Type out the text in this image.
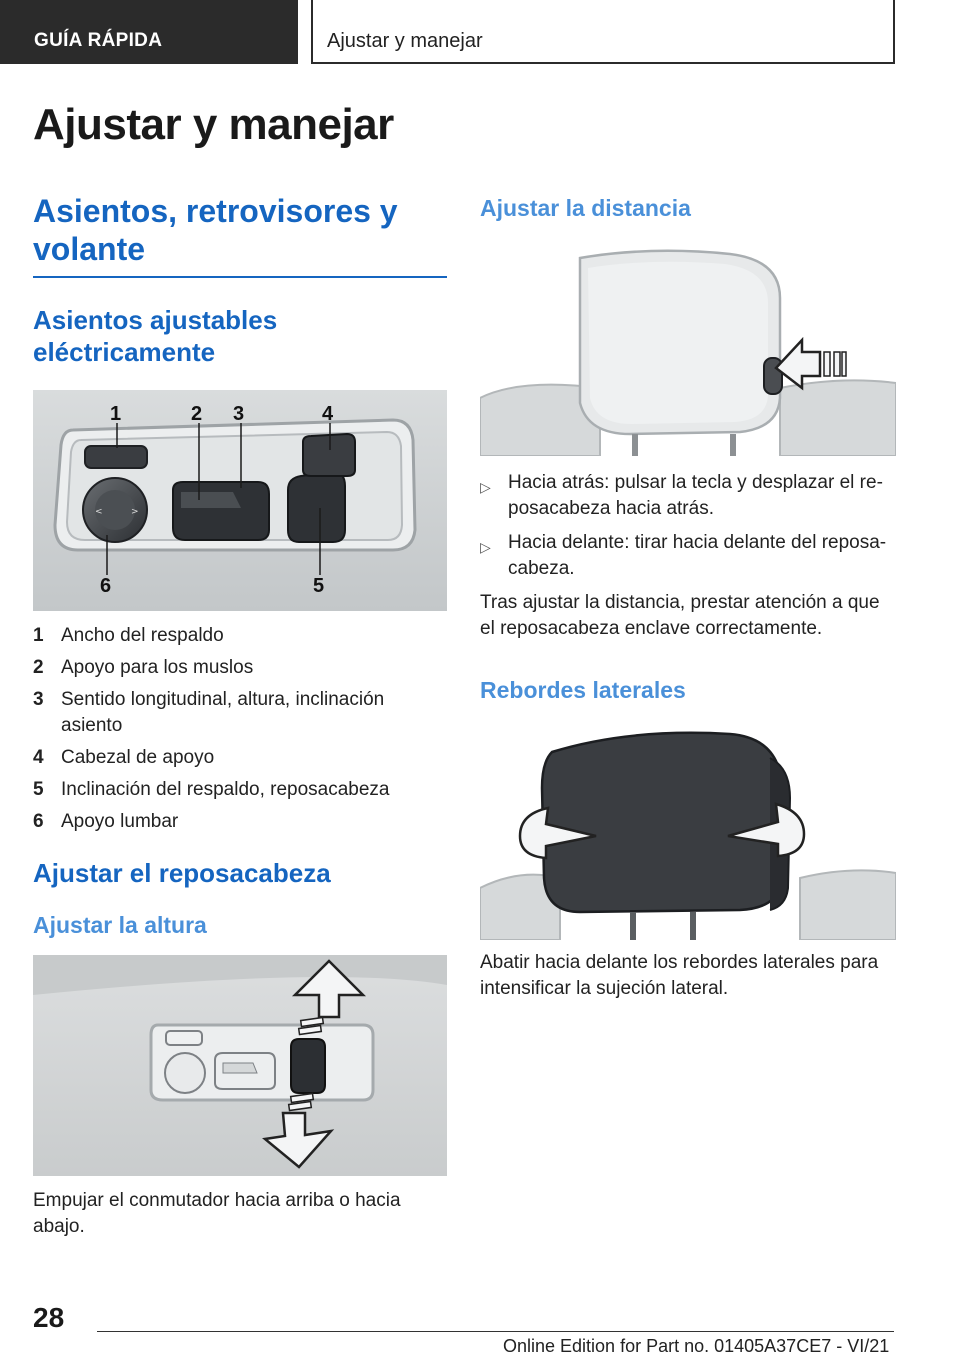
GUÍA RÁPIDA	Ajustar y manejar
Ajustar y manejar
Asientos, retrovisores y volante
Asientos ajustables eléctricamente
<	>
1	2 3	4
5
6
1 Ancho del respaldo
2 Apoyo para los muslos
3 Sentido longitudinal, altura, inclinación asiento
4 Cabezal de apoyo
5 Inclinación del respaldo, reposacabeza
6 Apoyo lumbar
Ajustar el reposacabeza
Ajustar la altura

Empujar el conmutador hacia arriba o hacia abajo.

Ajustar la distancia
▷ Hacia atrás: pulsar la tecla y desplazar el reposacabeza hacia atrás.
▷ Hacia delante: tirar hacia delante del reposacabeza.

Tras ajustar la distancia, prestar atención a que el reposacabeza enclave correctamente.

Rebordes laterales

Abatir hacia delante los rebordes laterales para intensificar la sujeción lateral.

28
Online Edition for Part no. 01405A37CE7 - VI/21
